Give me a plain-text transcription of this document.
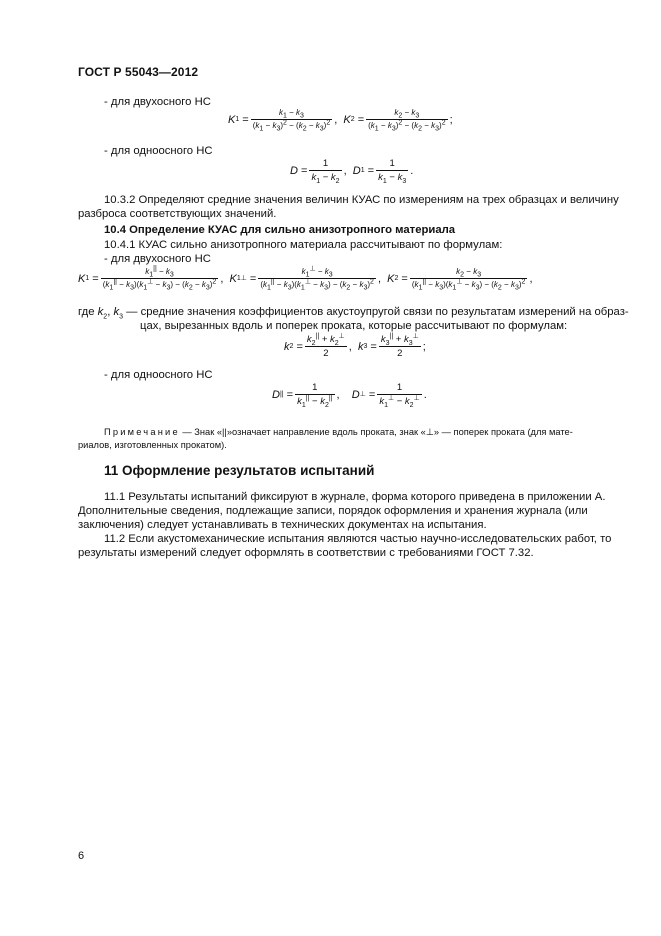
ГОСТ Р 55043—2012
- для двухосного НС
K $1 = \frac{k_1 - k_3}{(k_1 - k_3)^2 - (k_2 - k_3)^2}$ , K $2 = \frac{k_2 - k_3}{(k_1 - k_3)^2 - (k_2 - k_3)^2}$ ;
- для одноосного НС
$D = \frac{1}{k_1 - k_2}$ , D $1 = \frac{1}{k_1 - k_3}$ .
10.3.2 Определяют средние значения величин КУАС по измерениям на трех образцах и величину
разброса соответствующих значений.
10.4 Определение КУАС для сильно анизотропного материала
10.4.1 КУАС сильно анизотропного материала рассчитывают по формулам:
- для двухосного НС
K $1 = \frac{k_1^{||} - k_3}{(k_1^{||} - k_3)(k_1^\perp - k_3) - (k_2 - k_3)^2}$ , K 1 ⊥ = $\frac{k_1^\perp - k_3}{(k_1^{||} - k_3)(k_1^\perp - k_3) - (k_2 - k_3)^2}$ , K $2 = \frac{k_2 - k_3}{(k_1^{||} - k_3)(k_1^\perp - k_3) - (k_2 - k_3)^2}$ ,
где $k_2$, $k_3$ — средние значения коэффициентов акустоупругой связи по результатам измерений на образ-
цах, вырезанных вдоль и поперек проката, которые рассчитывают по формулам:
k $2 = \frac{k_2^{||} + k_2^\perp}{2}$ , k $3 = \frac{k_3^{||} + k_3^\perp}{2}$ ;
- для одноосного НС
D || = $\frac{1}{k_1^{||} - k_2^{||}}$ , D ⊥ = $\frac{1}{k_1^\perp - k_2^\perp}$ .
Примечание — Знак «||»означает направление вдоль проката, знак «⊥» — поперек проката (для мате-
риалов, изготовленных прокатом).
11 Оформление результатов испытаний
11.1 Результаты испытаний фиксируют в журнале, форма которого приведена в приложении А.
Дополнительные сведения, подлежащие записи, порядок оформления и хранения журнала (или
заключения) следует устанавливать в технических документах на испытания.
11.2 Если акустомеханические испытания являются частью научно-исследовательских работ, то
результаты измерений следует оформлять в соответствии с требованиями ГОСТ 7.32.
6
